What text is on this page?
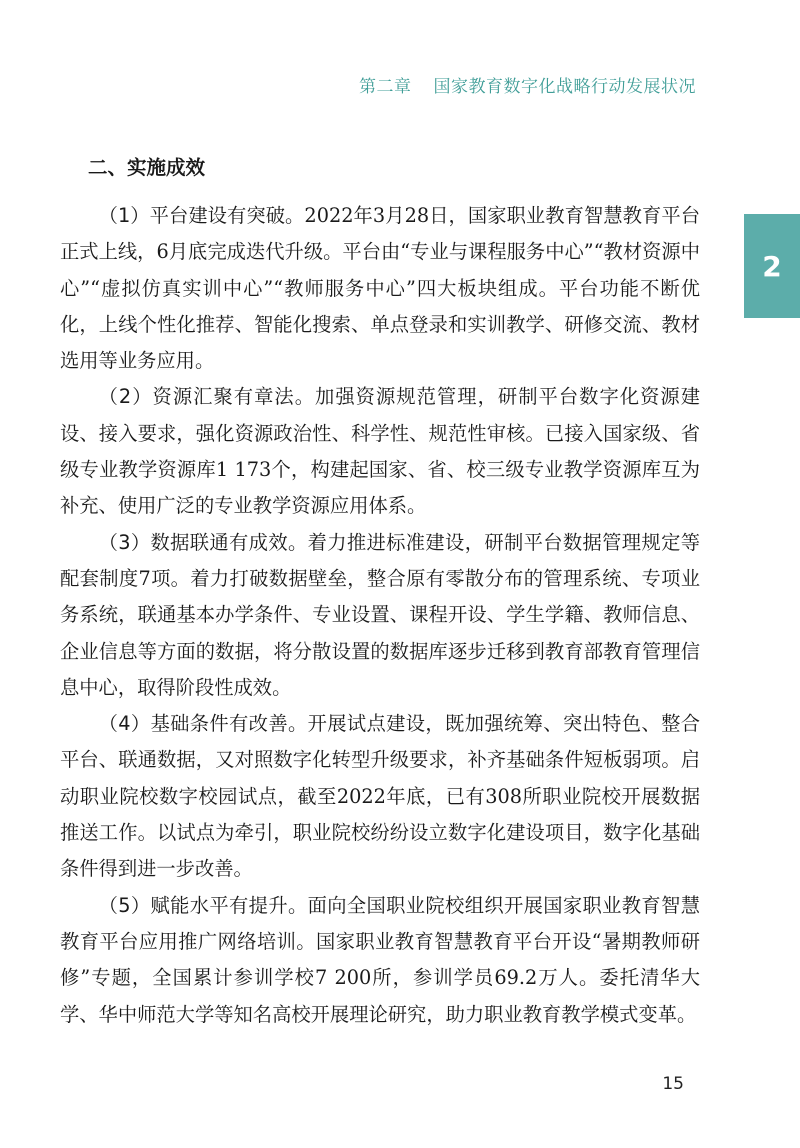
第二章 国家教育数字化战略行动发展状况
2
二、实施成效

（1）平台建设有突破。2022年3月28日，国家职业教育智慧教育平台正式上线，6月底完成迭代升级。平台由“专业与课程服务中心”“教材资源中心”“虚拟仿真实训中心”“教师服务中心”四大板块组成。平台功能不断优化，上线个性化推荐、智能化搜索、单点登录和实训教学、研修交流、教材选用等业务应用。

（2）资源汇聚有章法。加强资源规范管理，研制平台数字化资源建设、接入要求，强化资源政治性、科学性、规范性审核。已接入国家级、省级专业教学资源库1 173个，构建起国家、省、校三级专业教学资源库互为补充、使用广泛的专业教学资源应用体系。

（3）数据联通有成效。着力推进标准建设，研制平台数据管理规定等配套制度7项。着力打破数据壁垒，整合原有零散分布的管理系统、专项业务系统，联通基本办学条件、专业设置、课程开设、学生学籍、教师信息、企业信息等方面的数据，将分散设置的数据库逐步迁移到教育部教育管理信息中心，取得阶段性成效。

（4）基础条件有改善。开展试点建设，既加强统筹、突出特色、整合平台、联通数据，又对照数字化转型升级要求，补齐基础条件短板弱项。启动职业院校数字校园试点，截至2022年底，已有308所职业院校开展数据推送工作。以试点为牵引，职业院校纷纷设立数字化建设项目，数字化基础条件得到进一步改善。

（5）赋能水平有提升。面向全国职业院校组织开展国家职业教育智慧教育平台应用推广网络培训。国家职业教育智慧教育平台开设“暑期教师研修”专题，全国累计参训学校7 200所，参训学员69.2万人。委托清华大学、华中师范大学等知名高校开展理论研究，助力职业教育教学模式变革。

15
